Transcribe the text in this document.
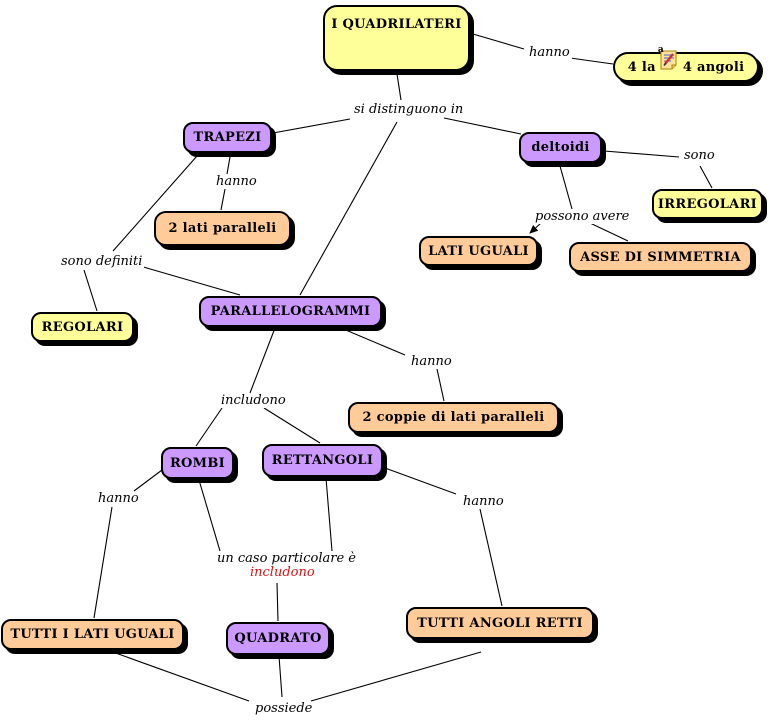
I QUADRILATERI
4 la
a
4 angoli
TRAPEZI
deltoidi
IRREGOLARI
LATI UGUALI	ASSE DI SIMMETRIA
2 lati paralleli
REGOLARI
PARALLELOGRAMMI
2 coppie di lati paralleli
ROMBI	RETTANGOLI
TUTTI I LATI UGUALI	QUADRATO
TUTTI ANGOLI RETTI
hanno
si distinguono in
hanno
sono
possono avere
sono definiti
hanno
includono
hanno
un caso particolare è
includono
hanno
possiede
